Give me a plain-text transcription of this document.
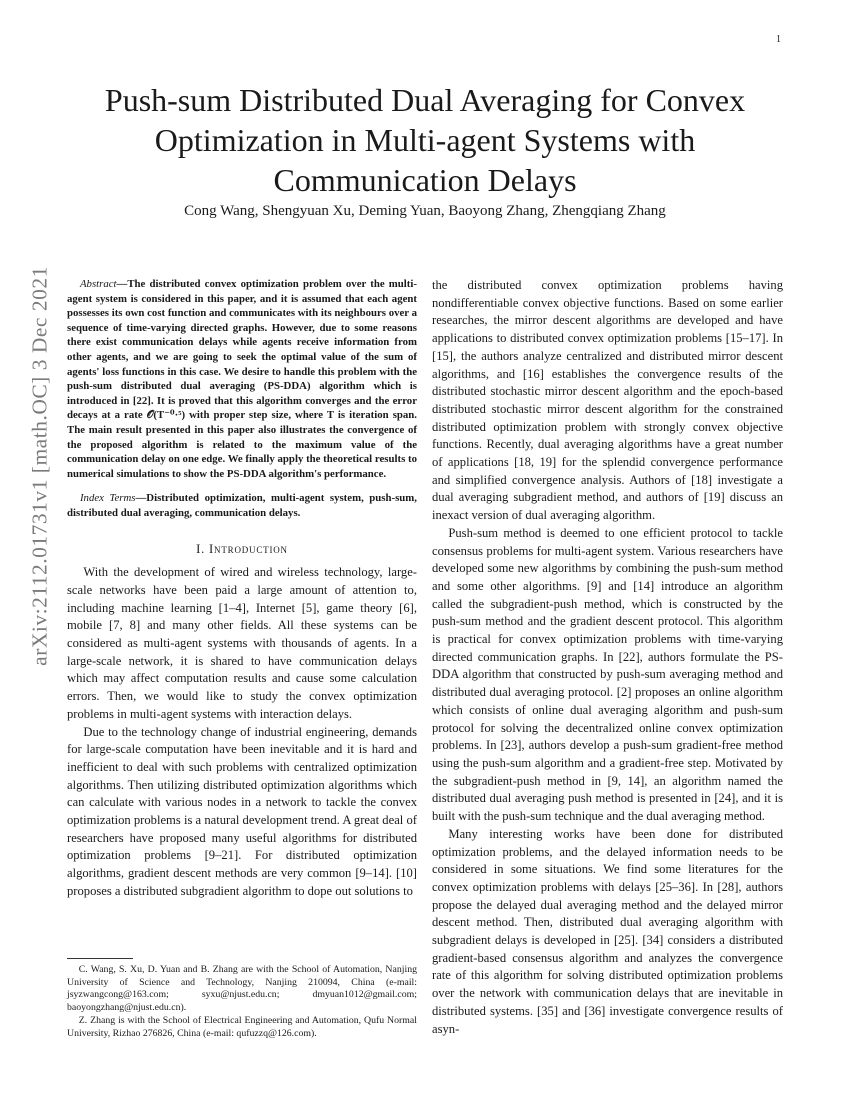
1
arXiv:2112.01731v1 [math.OC] 3 Dec 2021
Push-sum Distributed Dual Averaging for Convex
Optimization in Multi-agent Systems with
Communication Delays
Cong Wang, Shengyuan Xu, Deming Yuan, Baoyong Zhang, Zhengqiang Zhang

Abstract—The distributed convex optimization problem over the multi-agent system is considered in this paper, and it is assumed that each agent possesses its own cost function and communicates with its neighbours over a sequence of time-varying directed graphs. However, due to some reasons there exist communication delays while agents receive information from other agents, and we are going to seek the optimal value of the sum of agents' loss functions in this case. We desire to handle this problem with the push-sum distributed dual averaging (PS-DDA) algorithm which is introduced in [22]. It is proved that this algorithm converges and the error decays at a rate 𝒪(T⁻⁰·⁵) with proper step size, where T is iteration span. The main result presented in this paper also illustrates the convergence of the proposed algorithm is related to the maximum value of the communication delay on one edge. We finally apply the theoretical results to numerical simulations to show the PS-DDA algorithm's performance.

Index Terms—Distributed optimization, multi-agent system, push-sum, distributed dual averaging, communication delays.

I. Introduction

With the development of wired and wireless technology, large-scale networks have been paid a large amount of attention to, including machine learning [1–4], Internet [5], game theory [6], mobile [7, 8] and many other fields. All these systems can be considered as multi-agent systems with thousands of agents. In a large-scale network, it is shared to have communication delays which may affect computation results and cause some calculation errors. Then, we would like to study the convex optimization problems in multi-agent systems with interaction delays.

Due to the technology change of industrial engineering, demands for large-scale computation have been inevitable and it is hard and inefficient to deal with such problems with centralized optimization algorithms. Then utilizing distributed optimization algorithms which can calculate with various nodes in a network to tackle the convex optimization problems is a natural development trend. A great deal of researchers have proposed many useful algorithms for distributed optimization problems [9–21]. For distributed optimization algorithms, gradient descent methods are very common [9–14]. [10] proposes a distributed subgradient algorithm to dope out solutions to

C. Wang, S. Xu, D. Yuan and B. Zhang are with the School of Automation, Nanjing University of Science and Technology, Nanjing 210094, China (e-mail: jsyzwangcong@163.com; syxu@njust.edu.cn; dmyuan1012@gmail.com; baoyongzhang@njust.edu.cn).

Z. Zhang is with the School of Electrical Engineering and Automation, Qufu Normal University, Rizhao 276826, China (e-mail: qufuzzq@126.com).

the distributed convex optimization problems having nondifferentiable convex objective functions. Based on some earlier researches, the mirror descent algorithms are developed and have applications to distributed convex optimization problems [15–17]. In [15], the authors analyze centralized and distributed mirror descent algorithms, and [16] establishes the convergence results of the distributed stochastic mirror descent algorithm and the epoch-based distributed stochastic mirror descent algorithm for the constrained distributed optimization problem with strongly convex objective functions. Recently, dual averaging algorithms have a great number of applications [18, 19] for the splendid convergence performance and simplified convergence analysis. Authors of [18] investigate a dual averaging subgradient method, and authors of [19] discuss an inexact version of dual averaging algorithm.

Push-sum method is deemed to one efficient protocol to tackle consensus problems for multi-agent system. Various researchers have developed some new algorithms by combining the push-sum method and some other algorithms. [9] and [14] introduce an algorithm called the subgradient-push method, which is constructed by the push-sum method and the gradient descent protocol. This algorithm is practical for convex optimization problems with time-varying directed communication graphs. In [22], authors formulate the PS-DDA algorithm that constructed by push-sum averaging method and distributed dual averaging protocol. [2] proposes an online algorithm which consists of online dual averaging algorithm and push-sum protocol for solving the decentralized online convex optimization problems. In [23], authors develop a push-sum gradient-free method using the push-sum algorithm and a gradient-free step. Motivated by the subgradient-push method in [9, 14], an algorithm named the distributed dual averaging push method is presented in [24], and it is built with the push-sum technique and the dual averaging method.

Many interesting works have been done for distributed optimization problems, and the delayed information needs to be considered in some situations. We find some literatures for the convex optimization problems with delays [25–36]. In [28], authors propose the delayed dual averaging method and the delayed mirror descent method. Then, distributed dual averaging algorithm with subgradient delays is developed in [25]. [34] considers a distributed gradient-based consensus algorithm and analyzes the convergence rate of this algorithm for solving distributed optimization problems over the network with communication delays that are inevitable in distributed systems. [35] and [36] investigate convergence results of asyn-
